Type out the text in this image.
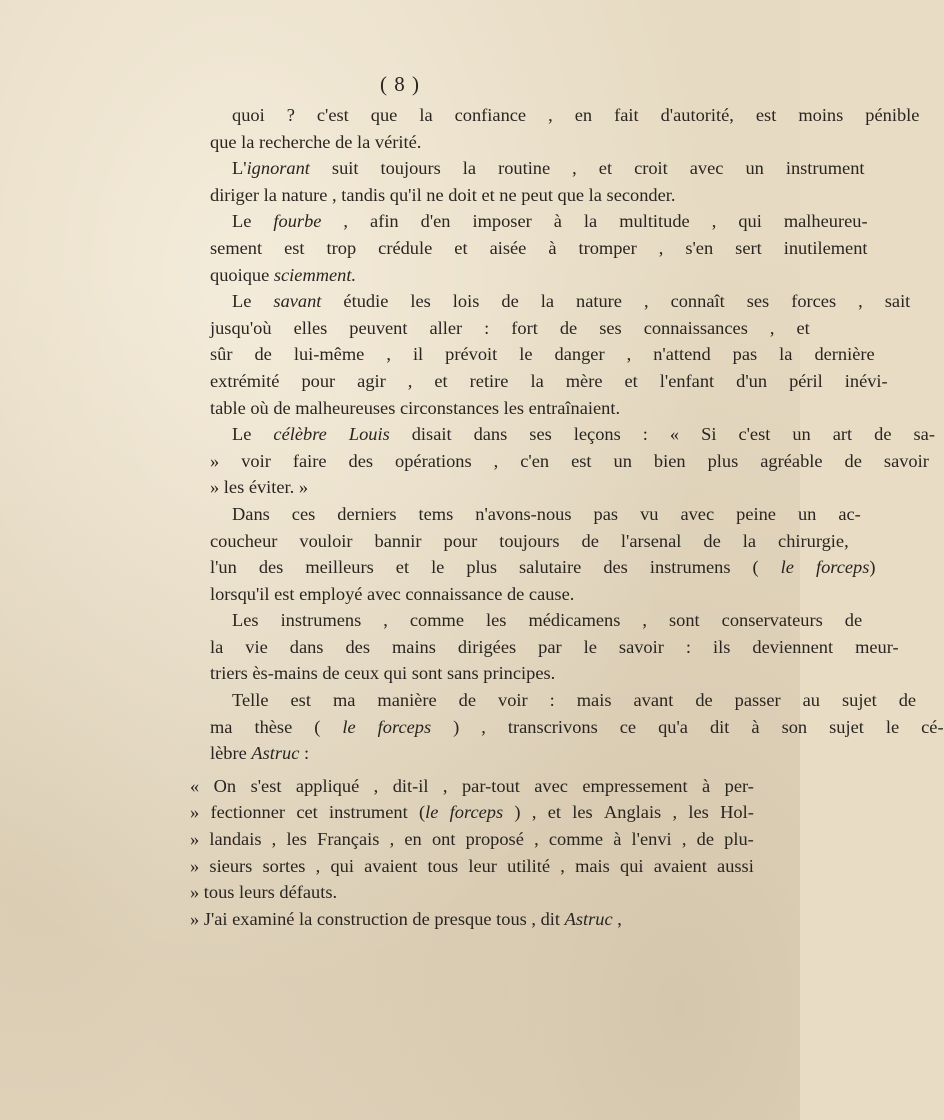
( 8 )
quoi	?	c'est	que	la	confiance	,	en	fait	d'autorité,	est	moins	pénible
que la recherche de la vérité.
L'ignorant	suit	toujours	la	routine	,	et	croit	avec	un	instrument
diriger la nature , tandis qu'il ne doit et ne peut que la seconder.
Le	fourbe	,	afin	d'en	imposer	à	la	multitude	,	qui	malheureu-
sement	est	trop	crédule	et	aisée	à	tromper	,	s'en	sert	inutilement
quoique sciemment.
Le	savant	étudie	les	lois	de	la	nature	,	connaît	ses	forces	,	sait
jusqu'où	elles	peuvent	aller	:	fort	de	ses	connaissances	,	et
sûr	de	lui-même	,	il	prévoit	le	danger	,	n'attend	pas	la	dernière
extrémité	pour	agir	,	et	retire	la	mère	et	l'enfant	d'un	péril	inévi-
table où de malheureuses circonstances les entraînaient.
Le	célèbre	Louis	disait	dans	ses	leçons	:	«	Si	c'est	un	art	de	sa-
»	voir	faire	des	opérations	,	c'en	est	un	bien	plus	agréable	de	savoir
» les éviter. »
Dans	ces	derniers	tems	n'avons-nous	pas	vu	avec	peine	un	ac-
coucheur	vouloir	bannir	pour	toujours	de	l'arsenal	de	la	chirurgie,
l'un	des	meilleurs	et	le	plus	salutaire	des	instrumens	(	le	forceps)
lorsqu'il est employé avec connaissance de cause.
Les	instrumens	,	comme	les	médicamens	,	sont	conservateurs	de
la	vie	dans	des	mains	dirigées	par	le	savoir	:	ils	deviennent	meur-
triers ès-mains de ceux qui sont sans principes.
Telle	est	ma	manière	de	voir	:	mais	avant	de	passer	au	sujet	de
ma	thèse	(	le	forceps	)	,	transcrivons	ce	qu'a	dit	à	son	sujet	le	cé-
lèbre Astruc :
« On s'est appliqué , dit-il , par-tout avec empressement à per-
» fectionner cet instrument (le forceps ) , et les Anglais , les Hol-
» landais , les Français , en ont proposé , comme à l'envi , de plu-
» sieurs sortes , qui avaient tous leur utilité , mais qui avaient aussi
» tous leurs défauts.
» J'ai examiné la construction de presque tous , dit Astruc ,
